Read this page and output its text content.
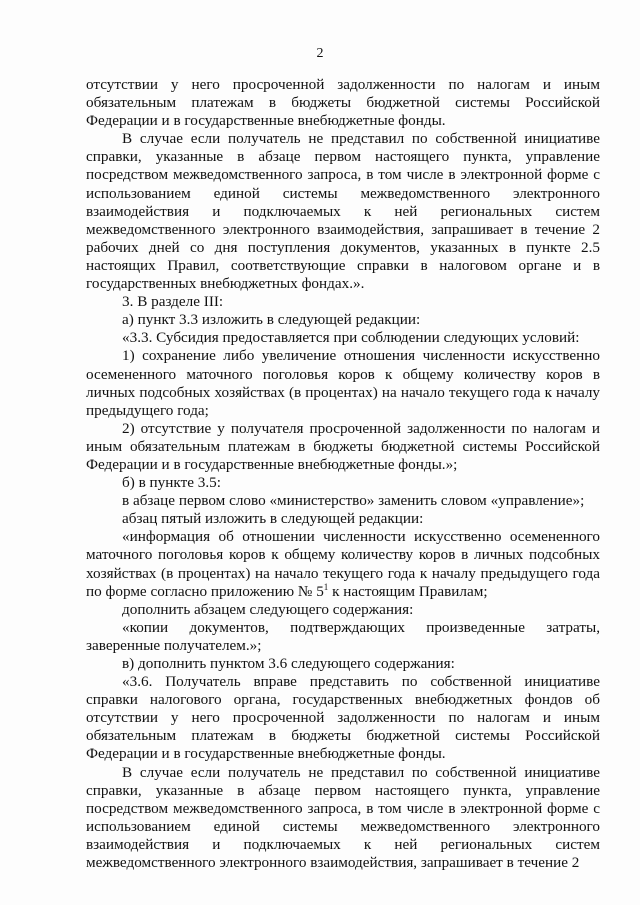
2

отсутствии у него просроченной задолженности по налогам и иным обязательным платежам в бюджеты бюджетной системы Российской Федерации и в государственные внебюджетные фонды.

В случае если получатель не представил по собственной инициативе справки, указанные в абзаце первом настоящего пункта, управление посредством межведомственного запроса, в том числе в электронной форме с использованием единой системы межведомственного электронного взаимодействия и подключаемых к ней региональных систем межведомственного электронного взаимодействия, запрашивает в течение 2 рабочих дней со дня поступления документов, указанных в пункте 2.5 настоящих Правил, соответствующие справки в налоговом органе и в государственных внебюджетных фондах.».

3. В разделе III:

а) пункт 3.3 изложить в следующей редакции:

«3.3. Субсидия предоставляется при соблюдении следующих условий:

1) сохранение либо увеличение отношения численности искусственно осемененного маточного поголовья коров к общему количеству коров в личных подсобных хозяйствах (в процентах) на начало текущего года к началу предыдущего года;

2) отсутствие у получателя просроченной задолженности по налогам и иным обязательным платежам в бюджеты бюджетной системы Российской Федерации и в государственные внебюджетные фонды.»;

б) в пункте 3.5:

в абзаце первом слово «министерство» заменить словом «управление»;

абзац пятый изложить в следующей редакции:

«информация об отношении численности искусственно осемененного маточного поголовья коров к общему количеству коров в личных подсобных хозяйствах (в процентах) на начало текущего года к началу предыдущего года по форме согласно приложению № $5^1$ к настоящим Правилам;

дополнить абзацем следующего содержания:

«копии документов, подтверждающих произведенные затраты, заверенные получателем.»;

в) дополнить пунктом 3.6 следующего содержания:

«3.6. Получатель вправе представить по собственной инициативе справки налогового органа, государственных внебюджетных фондов об отсутствии у него просроченной задолженности по налогам и иным обязательным платежам в бюджеты бюджетной системы Российской Федерации и в государственные внебюджетные фонды.

В случае если получатель не представил по собственной инициативе справки, указанные в абзаце первом настоящего пункта, управление посредством межведомственного запроса, в том числе в электронной форме с использованием единой системы межведомственного электронного взаимодействия и подключаемых к ней региональных систем межведомственного электронного взаимодействия, запрашивает в течение 2
